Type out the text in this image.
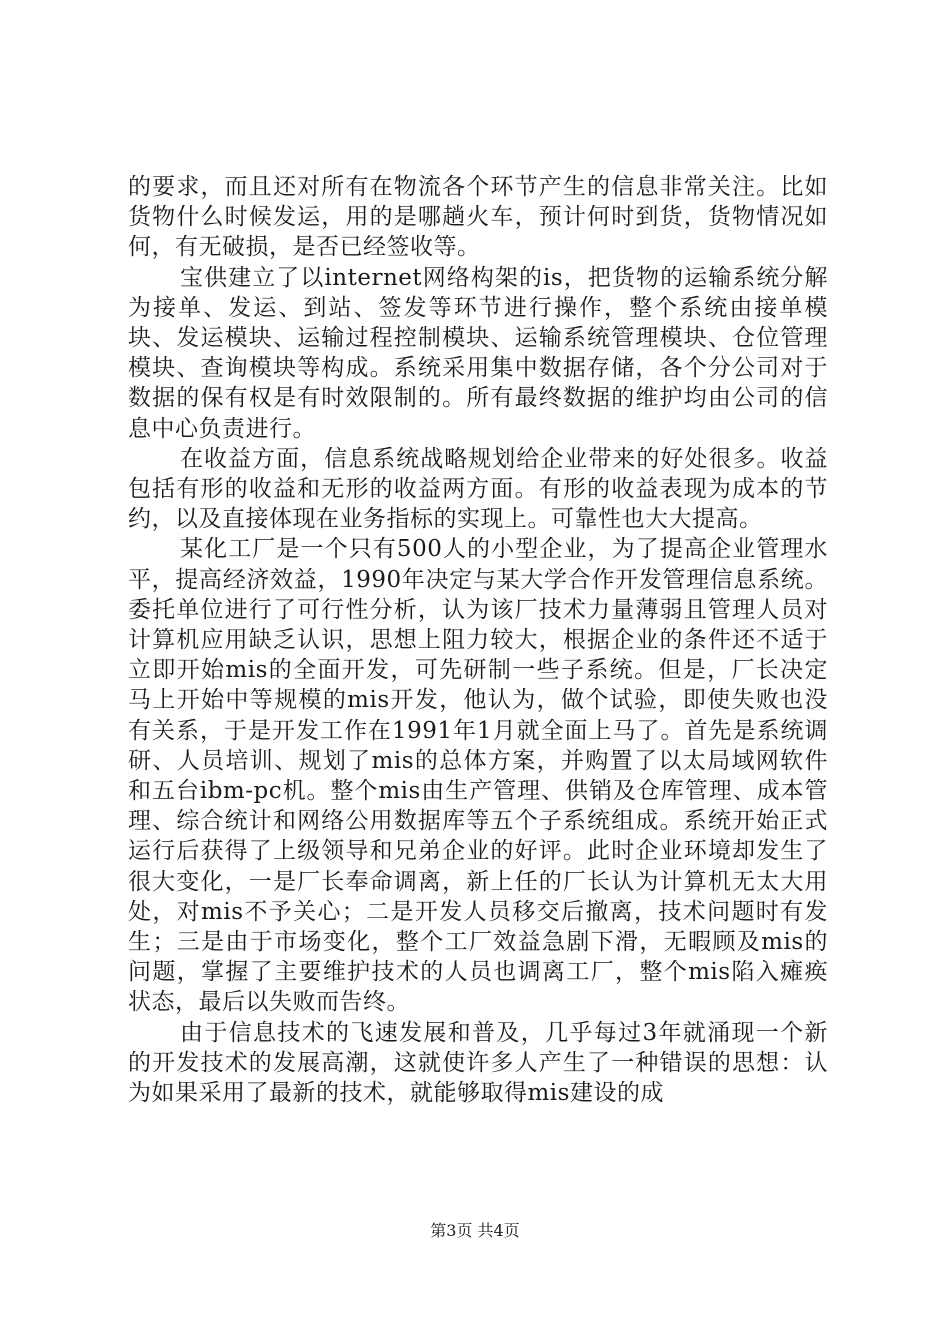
的要求，而且还对所有在物流各个环节产生的信息非常关注。比如货物什么时候发运，用的是哪趟火车，预计何时到货，货物情况如何，有无破损，是否已经签收等。

宝供建立了以internet网络构架的is，把货物的运输系统分解为接单、发运、到站、签发等环节进行操作，整个系统由接单模块、发运模块、运输过程控制模块、运输系统管理模块、仓位管理模块、查询模块等构成。系统采用集中数据存储，各个分公司对于数据的保有权是有时效限制的。所有最终数据的维护均由公司的信息中心负责进行。

在收益方面，信息系统战略规划给企业带来的好处很多。收益包括有形的收益和无形的收益两方面。有形的收益表现为成本的节约，以及直接体现在业务指标的实现上。可靠性也大大提高。

某化工厂是一个只有500人的小型企业，为了提高企业管理水平，提高经济效益，1990年决定与某大学合作开发管理信息系统。委托单位进行了可行性分析，认为该厂技术力量薄弱且管理人员对计算机应用缺乏认识，思想上阻力较大，根据企业的条件还不适于立即开始mis的全面开发，可先研制一些子系统。但是，厂长决定马上开始中等规模的mis开发，他认为，做个试验，即使失败也没有关系，于是开发工作在1991年1月就全面上马了。首先是系统调研、人员培训、规划了mis的总体方案，并购置了以太局域网软件和五台ibm-pc机。整个mis由生产管理、供销及仓库管理、成本管理、综合统计和网络公用数据库等五个子系统组成。系统开始正式运行后获得了上级领导和兄弟企业的好评。此时企业环境却发生了很大变化，一是厂长奉命调离，新上任的厂长认为计算机无太大用处，对mis不予关心；二是开发人员移交后撤离，技术问题时有发生；三是由于市场变化，整个工厂效益急剧下滑，无暇顾及mis的问题，掌握了主要维护技术的人员也调离工厂，整个mis陷入瘫痪状态，最后以失败而告终。

由于信息技术的飞速发展和普及，几乎每过3年就涌现一个新的开发技术的发展高潮，这就使许多人产生了一种错误的思想：认为如果采用了最新的技术，就能够取得mis建设的成

第3页 共4页
